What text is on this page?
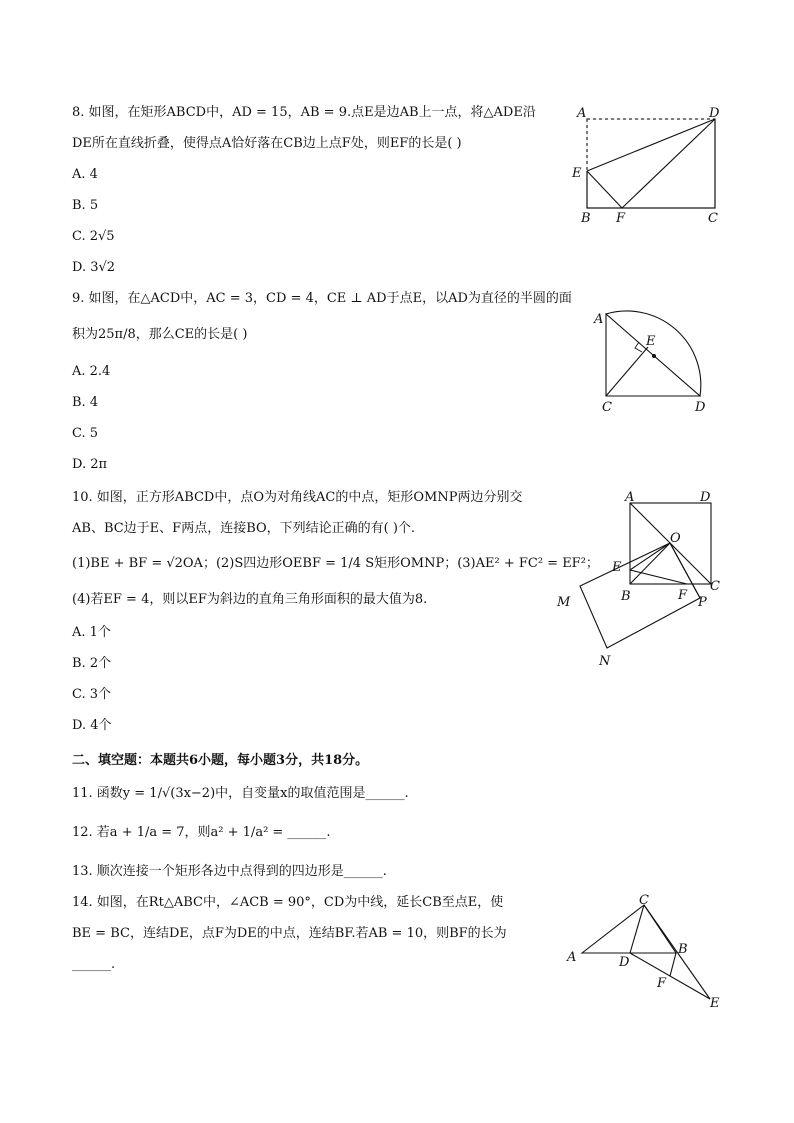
8. 如图，在矩形ABCD中，AD = 15，AB = 9.点E是边AB上一点，将△ADE沿
DE所在直线折叠，使得点A恰好落在CB边上点F处，则EF的长是( )
A. 4
B. 5
C. 2√5
D. 3√2
A	D
E
B F	C
9. 如图，在△ACD中，AC = 3，CD = 4，CE ⊥ AD于点E，以AD为直径的半圆的面
积为25π/8，那么CE的长是( )
A. 2.4
B. 4
C. 5
D. 2π
A
E
C	D
10. 如图，正方形ABCD中，点O为对角线AC的中点，矩形OMNP两边分别交
AB、BC边于E、F两点，连接BO，下列结论正确的有( )个.
(1)BE + BF = √2OA；(2)S四边形OEBF = 1/4 S矩形OMNP；(3)AE² + FC² = EF²；
(4)若EF = 4，则以EF为斜边的直角三角形面积的最大值为8.
A. 1个
B. 2个
C. 3个
D. 4个
A	D
O
E
B	F
C
P
M
N
二、填空题：本题共6小题，每小题3分，共18分。
11. 函数y = 1/√(3x−2)中，自变量x的取值范围是______.
12. 若a + 1/a = 7，则a² + 1/a² = ______.
13. 顺次连接一个矩形各边中点得到的四边形是______.
14. 如图，在Rt△ABC中，∠ACB = 90°，CD为中线，延长CB至点E，使
BE = BC，连结DE，点F为DE的中点，连结BF.若AB = 10，则BF的长为
______.
C
A	D
B
F
E
